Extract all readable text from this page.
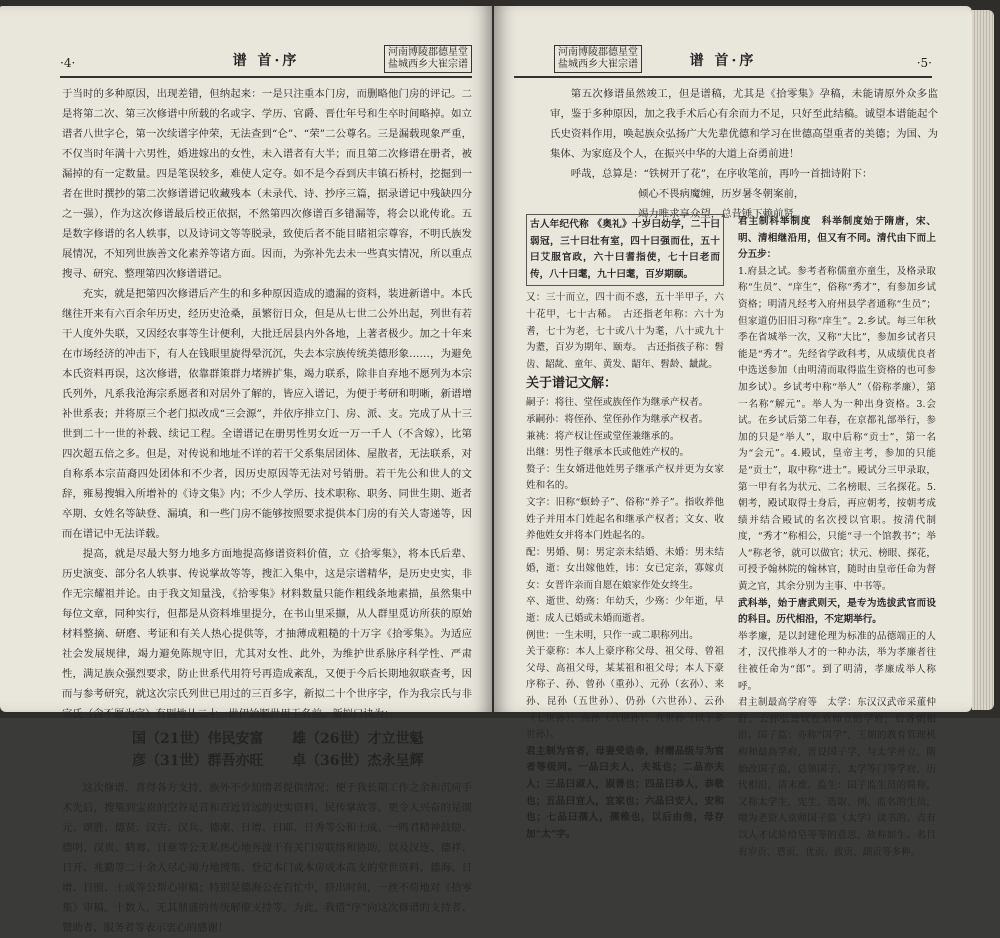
·4·	谱 首·序
河南博陵郡德星堂
盐城西乡大崔宗谱

于当时的多种原因，出现差错，但纳起来：一是只注重本门房，而删略他门房的评记。二是将第二次、第三次修谱中所载的名或字、学历、官爵、晋仕年号和生卒时间略掉。如立谱者八世字仑，第一次续谱字仲荣，无法查到“仑”、“荣”二公尊名。三是漏载现象严重，不仅当时年满十六男性，婚进嫁出的女性，未入谱者有大半；而且第二次修谱在册者，被漏掉的有一定数量。四是笔误较多，难使人定夺。如不是今吞到庆丰镇石桥村，挖掘到一者在世时撰抄的第二次修谱谱记收藏残本（未录代、诗、抄序三篇，据录谱记中残缺四分之一强），作为这次修谱最后校正依据，不然第四次修谱百多错漏等，将会以讹传讹。五是数字修谱的名人轶事，以及诗词文等等脱录，致使后者不能目睹祖宗尊容，不明氏族发展情况，不知列世族善文化素养等诸方面。因而，为弥补先去未一些真实情况，所以重点搜寻、研究、整理第四次修谱谱记。

充实，就是把第四次修谱后产生的和多种原因造成的遗漏的资料，装进新谱中。本氏继往开来有六百余年历史，经历史沧桑，虽繁衍日众，但是从七世二公外出起，列世有若干人度外失联，又因经农事等生计便利，大批迁居县内外各地，上著者极少。加之十年来在市场经济的冲击下，有人在钱眼里旋得晕沉沉，失去本宗族传统美德形象……，为避免本氏资料再误，这次修谱，依靠群策群力堵辨扩集，竭力联系，除非自弃地不愿列为本宗氏列外，凡系我沧海宗系愿者和对居外了解的，皆应入谱记，为便于考研和明晰，新谱增补世系表；并将原三个老门拟改成“三会源”，并依序排立门、房、派、支。完成了从十三世到二十一世的补载、续记工程。全谱谱记在册男性男女近一万一千人（不含嫁），比第四次超五倍之多。但是，对传说和地址不详的若干父系集居团体、屋散者，无法联系，对自称系本宗苗裔四处团体和不少者，因历史原因等无法对号销册。若干先公和世人的文辞，雍易搜辑入所增补的《诗文集》内；不少人学历、技术职称、职务、同世生期、逝者卒期、女姓名等缺登、漏填，和一些门房不能够按照要求提供本门房的有关人寄递等，因而在谱记中无法详载。

提高，就是尽最大努力地多方面地提高修谱资料价值，立《拾零集》，将本氏后辈、历史演变、部分名人轶事、传说掌故等等，搜汇入集中，这是宗谱精华，是历史史实，非作无宗耀祖并论。由于我文知量浅，《拾零集》材料数量只能作粗线条地素描，虽然集中每位文章，同种实行，但都是从资料堆里提分，在书山里采撷，从人群里觅访所获的原始材料整摘、研磨、考证和有关人热心提供等，才抽薄成粗糙的十万字《拾零集》。为适应社会发展规律，竭力避免陈规守旧，尤其对女性、此外，为维护世系脉序科学性、严肃性，满足族众强烈要求，防止世系代用符号再造成紊乱，又便于今后长期地叙联查考，因而与参考研究，就这次宗氏列世已用过的三百多字，新拟二十个世序字，作为我宗氏与非宗氏（含不愿为宗）有别地从二十一世伊始顺世用于名前。新拟口诀为：

国（21世）伟民安富 雄（26世）才立世魁
彦（31世）群吾亦旺 卓（36世）杰永呈辉

这次修谱，喜得各方支持，族外不少知情者提供情况；便于我长期工作之余和沉疴手术先后，搜集到宝贵的空谷足音和百近旨远的史实资料、民传掌故等。更令人兴奋的是颂元、颂胜、德贤、汉古、汉兵、德潮、日增、日耶、日秀等公和士成、一鸣君精神鼓励、德明、汉贵、鹤骞、日章等公无私热心地奔波于有关门房联络和协助，以及汉连、德祥、日开、兆勤等二十余人尽心竭力地搜集、登记本门或本房成本高支的堂世资料、德海、日增、日照、士成等公帮心审稿；特别是德海公在百忙中，挤出时间，一丝不苟地对《拾零集》审稿。十数人，无其鼎盛的传统解僚支持等。为此，我借“序”向这次修谱的支持者、赞助者、服务者等表示衷心的感谢！

河南博陵郡德星堂
盐城西乡大崔宗谱	谱 首·序	·5·

第五次修谱虽然竣工，但是谱稿，尤其是《拾零集》孕稿，未能请原外众多监审，鉴于多种原因，加之我手术后心有余而力不足，只好至此结稿。诚望本谱能起个氏史资料作用，唤起族众弘扬广大先辈优德和学习在世德高望重者的美德；为国、为集体、为家庭及个人，在振兴中华的大道上奋勇前进！

呼哉，总算是：“铁树开了花”，在序收笔前，再吟一首拙诗附下：

倾心不畏病魔缠，历岁暑冬朝案前，
竭力唯求享众望，总昔锤下赖前贤。
古人年纪代称 《奥礼》十岁曰幼学，二十曰弱冠，三十曰壮有室，四十曰强而仕，五十曰艾服官政，六十曰耆指使，七十曰老而传，八十曰耄，九十曰耄，百岁期颐。

又：三十而立，四十而不惑，五十半甲子，六十花甲，七十古稀。　古还指老年称：六十为耆，七十为老，七十或八十为耄，八十或九十为耋，百岁为期年、颐寿。　古还指孩子称：髫齿、龆龀、童年、黄发、龆年、髫龄、龇龀。

关于谱记文解：

嗣子：将往、堂侄或族侄作为继承产权者。

承嗣孙：将侄孙、堂侄孙作为继承产权者。

兼祧：将产权让侄或堂侄兼继承的。

出继：男性子继承本氏或他姓产权的。

赘子：生女婿进他姓男子继承产权并更为女家姓和名的。

文字：旧称“螟蛉子”、俗称“养子”。指收养他姓子并用本门姓起名和继承产权者；文女、收养他姓女并将本门姓起名的。

配：男婚、舅：男定亲未结婚、未婚：男未结婚，逝：女出嫁他姓，讳：女已定亲，寡嫁贞女：女晋许亲而自愿在娘家作处女终生。

卒、逝世、幼殇：年幼夭，少殇：少年逝，早逝：成人已婚或未婚而逝者。

例世：一生未明，只作一或二职称列出。

关于豪称：本人上豪序称父母、祖父母、曾祖父母、高祖父母，某某祖和祖父母；本人下豪序称子、孙、曾孙（重孙）、元孙（玄孙）、来孙、昆孙（五世孙）、仍孙（六世孙）、云孙（七世孙）、高孙（八世孙）、九世孙（以下多世孙）。

君主制为官者，母妻受诰命，封赠品级与为官者等级同。一品曰夫人，夫祗也；二品亦夫人；三品曰淑人，淑善也；四品曰恭人，恭敬也；五品曰宜人，宜家也；六品曰安人，安和也；七品曰孺人，孺稚也，以后由他，母存加“太”字。

君主制科举制度　科举制度始于隋唐，宋、明、清相继沿用，但又有不同。清代由下而上分五步：

1.府县之试。参考者称儒童亦童生，及格录取称“生员”、“庠生”，俗称“秀才”，有参加乡试资格；明清凡经考入府州县学者通称“生员”；但家道仍旧旧习称“庠生”。2.乡试。每三年秋季在省城举一次，又称“大比”，参加乡试者只能是“秀才”。先经省学政科考，从成绩优良者中选送参加（由明清而取得监生资格的也可参加乡试）。乡试考中称“举人”（俗称孝廉），第一名称“解元”。举人为一种出身资格。3.会试。在乡试后第二年春，在京都礼部举行，参加的只是“举人”，取中后称“贡士”，第一名为“会元”。4.殿试，皇帝主考，参加的只能是“贡士”，取中称“进士”。殿试分三甲录取，第一甲有名为状元、二名榜眼、三名探花。5.朝考，殿试取得士身后，再应朝考，按朝考成绩并结合殿试的名次授以官职。按清代制度，“秀才”称相公，只能“寻一个馆教书”；举人“称老爷，就可以做官；状元、榜眼、探花，可授予翰林院的翰林官，随时由皇帝任命为督黄之官，其余分别为主事、中书等。

武科举，始于唐武则天，是专为选拔武官而设的科目。历代相沿，不定期举行。

举孝廉，是以封建伦理为标准的品德端正的人才，汉代推举人才的一种办法，举为孝廉者往往被任命为“郎”。到了明清，孝廉成举人称呼。

君主制最高学府等　太学：东汉汉武帝采董仲舒、公孙弘建议在京师立的学府，后各朝相沿。国子监：亦称“国学”，王朝的教育管理机构和最高学府，晋设国子学，与太学并立，隋始改国子监，总领国子、太学等门等学府，历代相沿，清末废。监生：国子监生员的简称，又称太学生，宪生，选取、例、监名的生员，增为老资人京师国子监（太学）读书的。吉有以人才试验给皂等等的意思，故称如生。名目有岁贡、恩贡、优贡、拔贡、副贡等多种。
